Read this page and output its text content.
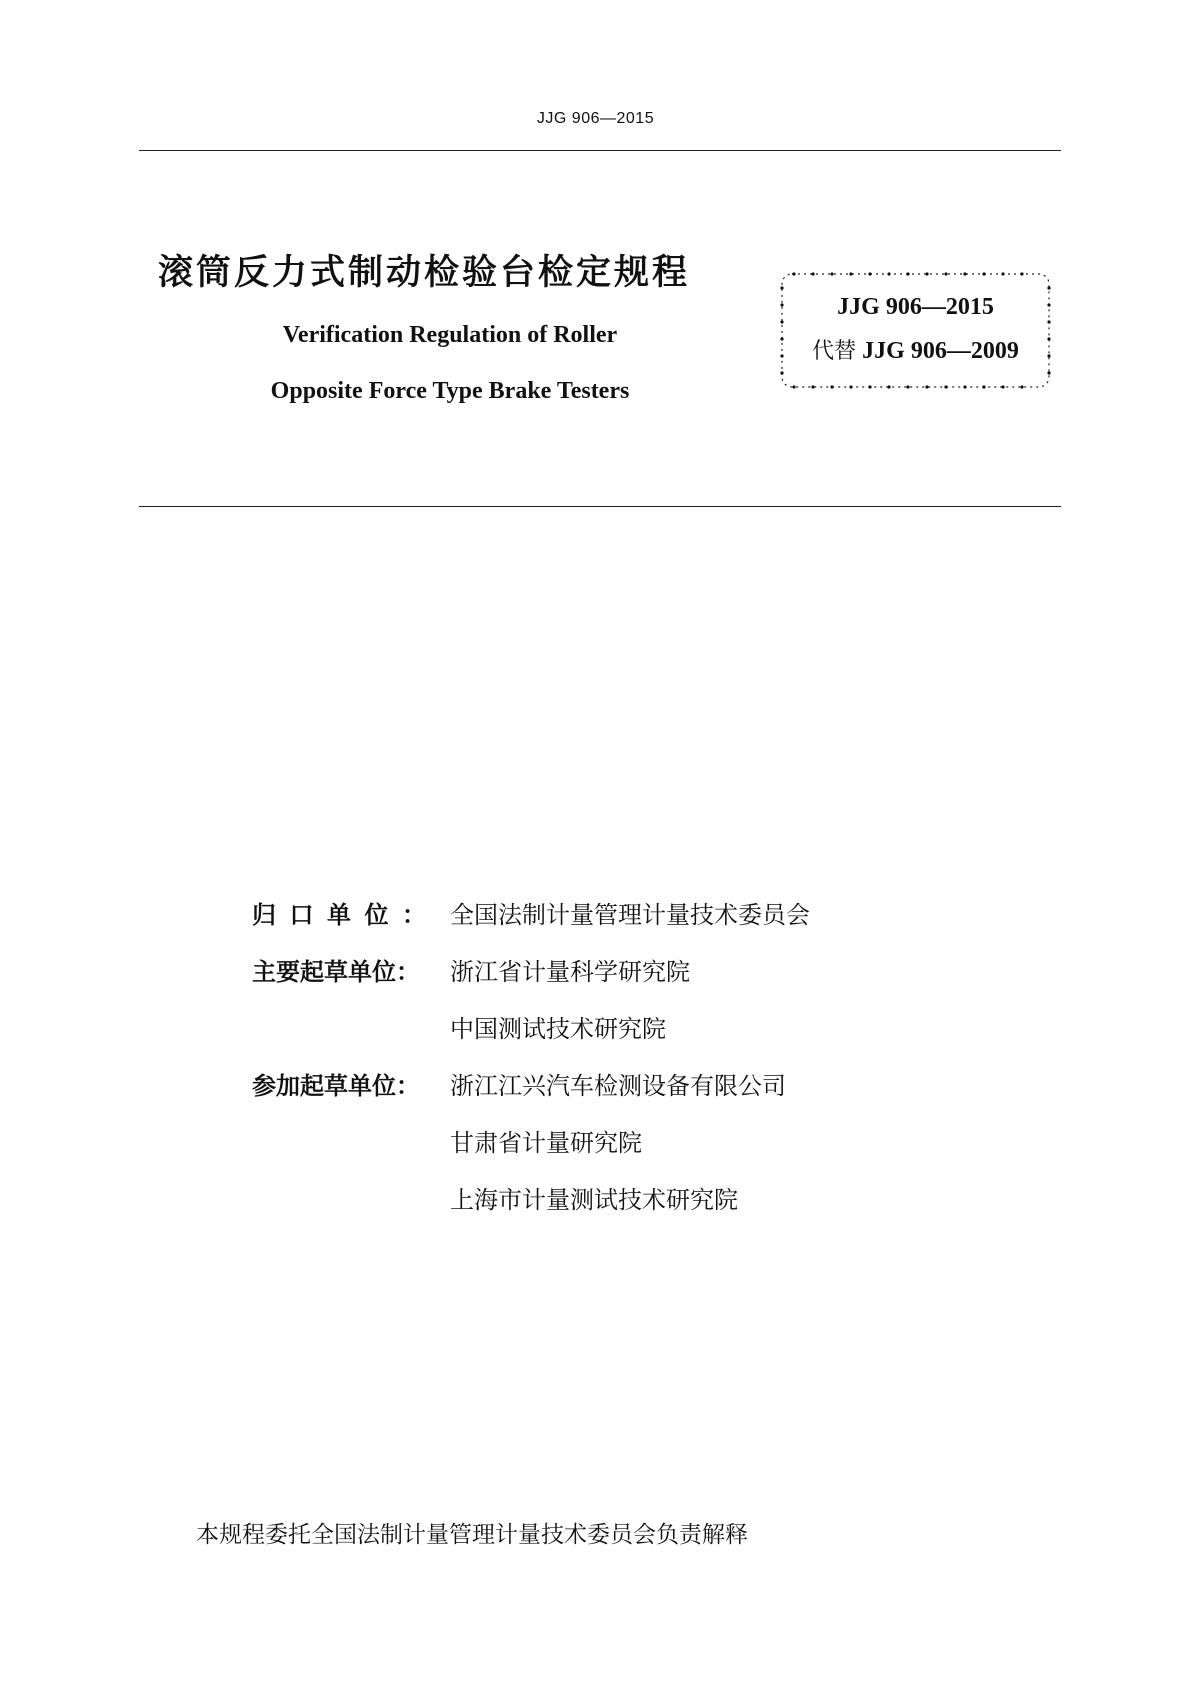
JJG 906—2015
滚筒反力式制动检验台检定规程
Verification Regulation of Roller
Opposite Force Type Brake Testers
JJG 906—2015
代替 JJG 906—2009
归口单位： 全国法制计量管理计量技术委员会
主要起草单位：	浙江省计量科学研究院
中国测试技术研究院
参加起草单位：	浙江江兴汽车检测设备有限公司
甘肃省计量研究院
上海市计量测试技术研究院
本规程委托全国法制计量管理计量技术委员会负责解释
